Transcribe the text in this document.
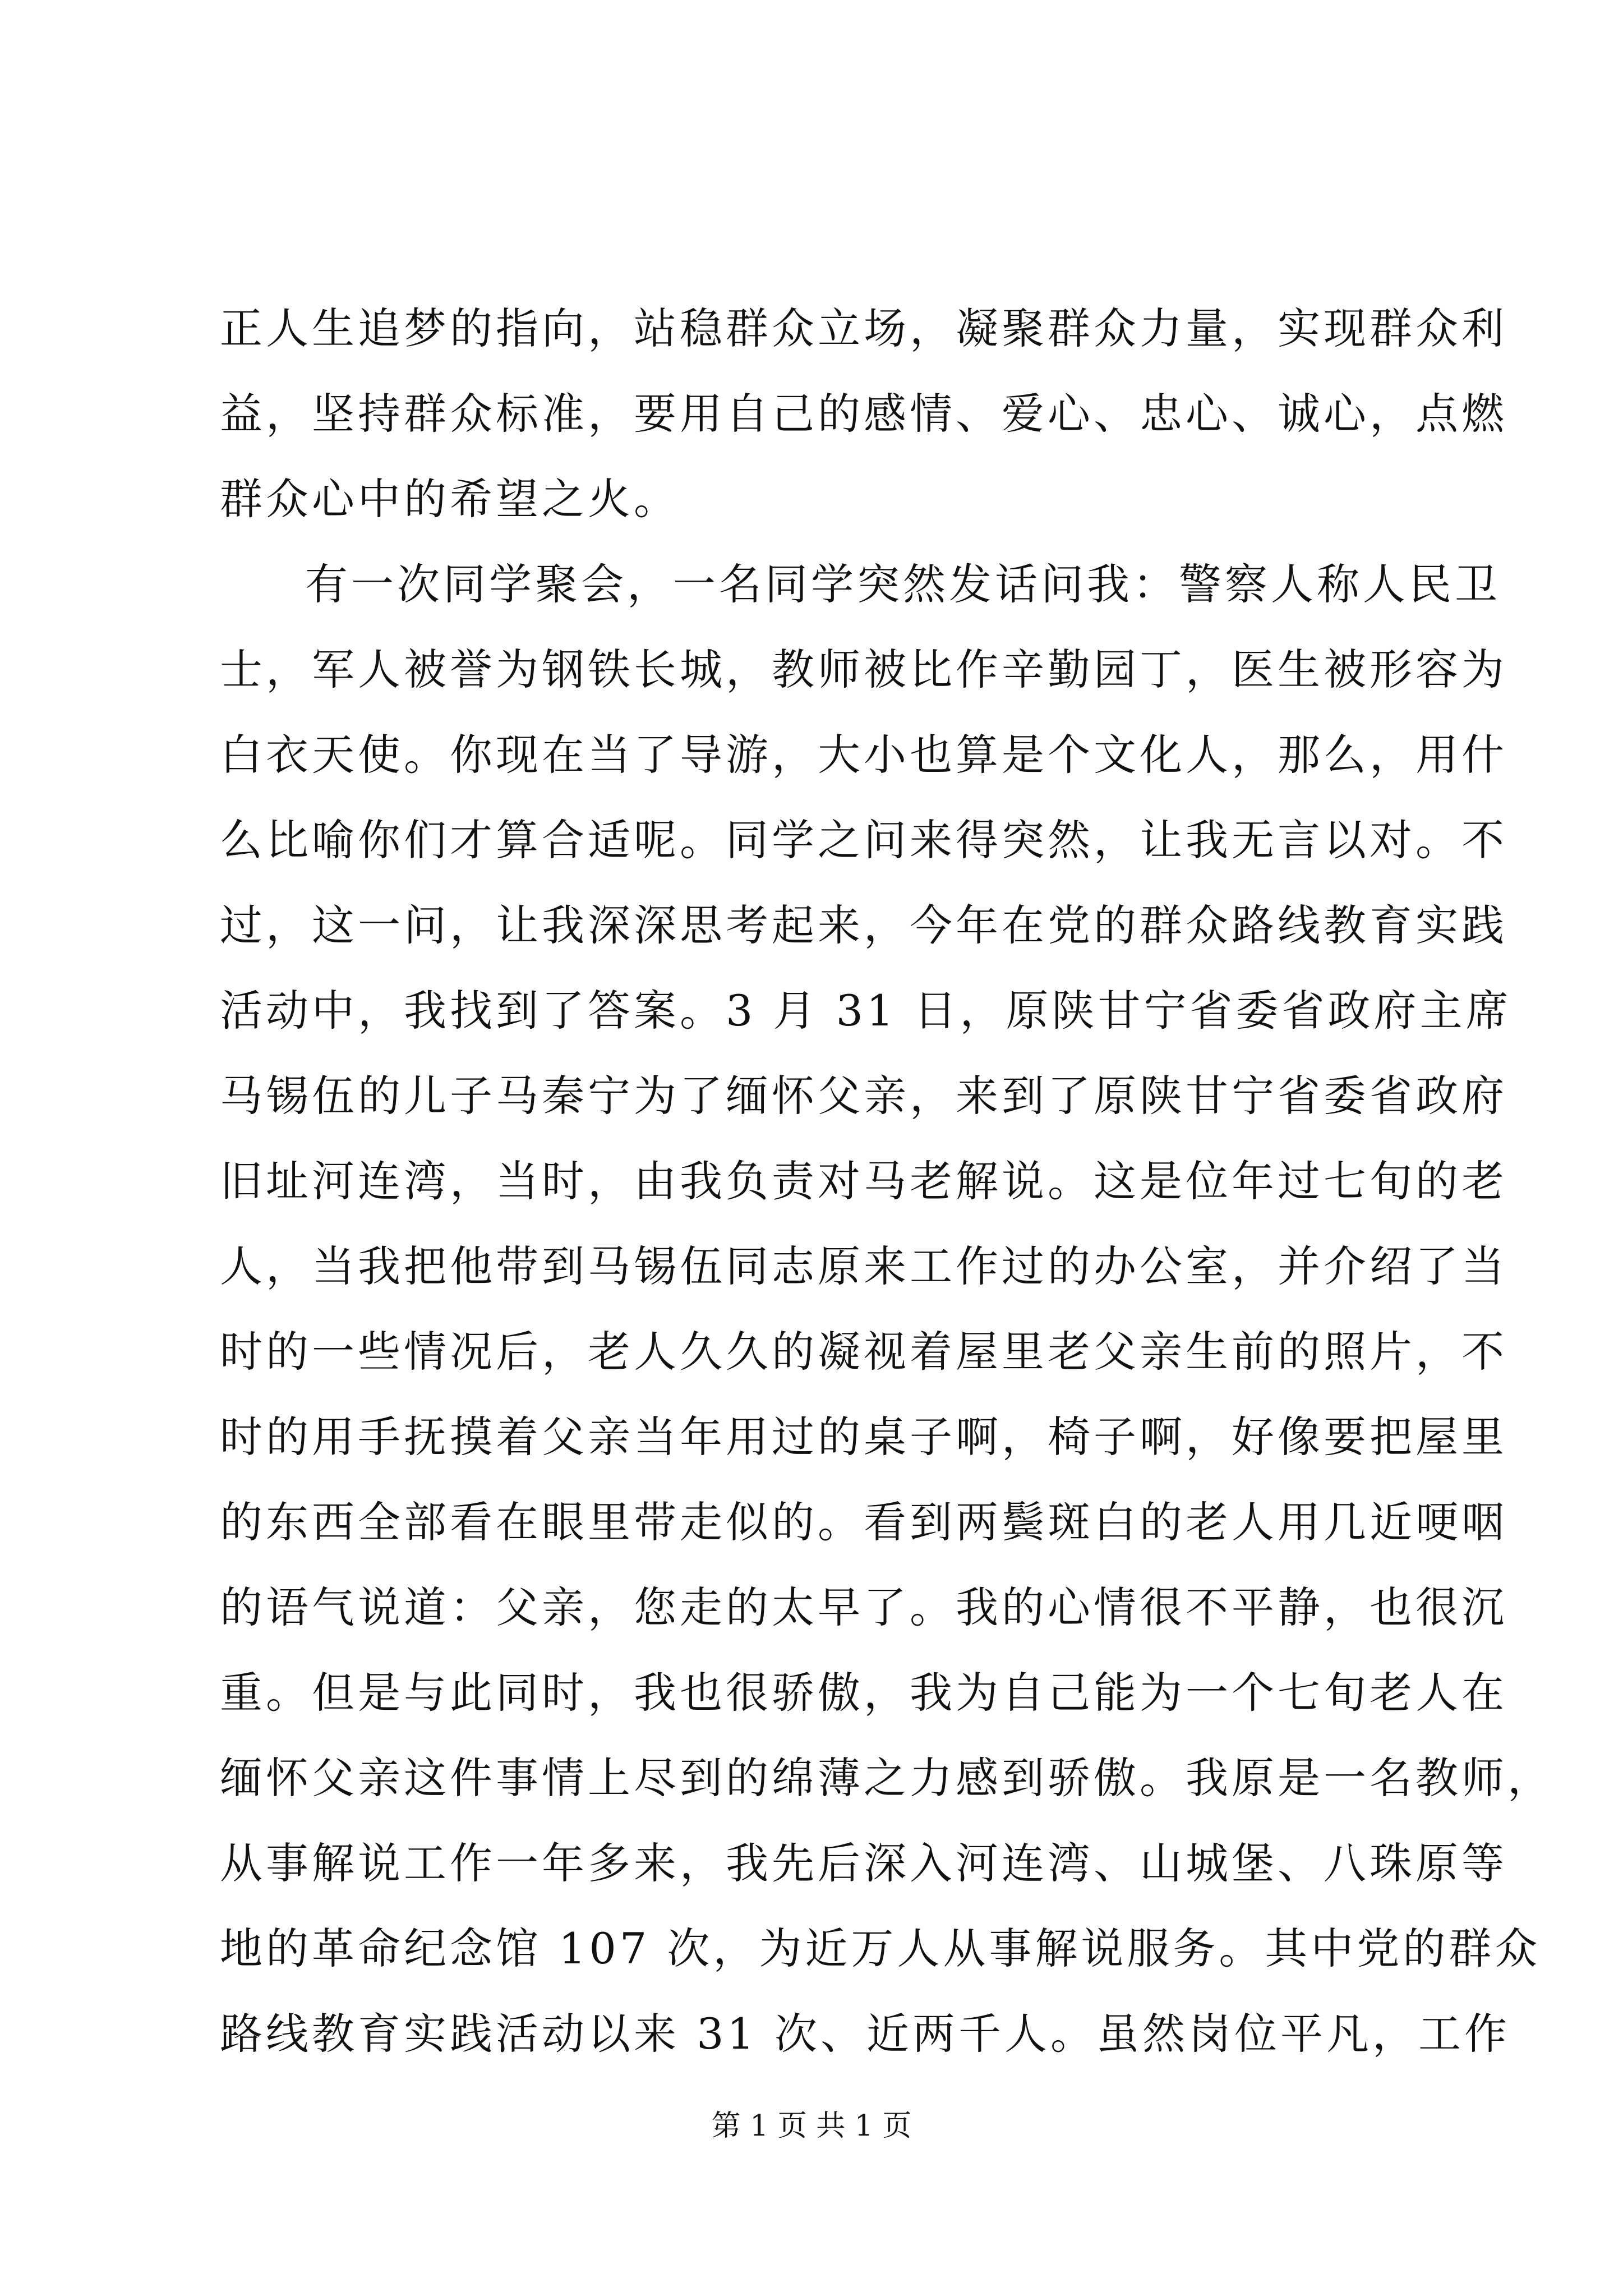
正人生追梦的指向，站稳群众立场，凝聚群众力量，实现群众利
益，坚持群众标准，要用自己的感情、爱心、忠心、诚心，点燃
群众心中的希望之火。
有一次同学聚会，一名同学突然发话问我：警察人称人民卫
士，军人被誉为钢铁长城，教师被比作辛勤园丁，医生被形容为
白衣天使。你现在当了导游，大小也算是个文化人，那么，用什
么比喻你们才算合适呢。同学之问来得突然，让我无言以对。不
过，这一问，让我深深思考起来，今年在党的群众路线教育实践
活动中，我找到了答案。3 月 31 日，原陕甘宁省委省政府主席
马锡伍的儿子马秦宁为了缅怀父亲，来到了原陕甘宁省委省政府
旧址河连湾，当时，由我负责对马老解说。这是位年过七旬的老
人，当我把他带到马锡伍同志原来工作过的办公室，并介绍了当
时的一些情况后，老人久久的凝视着屋里老父亲生前的照片，不
时的用手抚摸着父亲当年用过的桌子啊，椅子啊，好像要把屋里
的东西全部看在眼里带走似的。看到两鬓斑白的老人用几近哽咽
的语气说道：父亲，您走的太早了。我的心情很不平静，也很沉
重。但是与此同时，我也很骄傲，我为自己能为一个七旬老人在
缅怀父亲这件事情上尽到的绵薄之力感到骄傲。我原是一名教师，
从事解说工作一年多来，我先后深入河连湾、山城堡、八珠原等
地的革命纪念馆 107 次，为近万人从事解说服务。其中党的群众
路线教育实践活动以来 31 次、近两千人。虽然岗位平凡，工作
第 1 页 共 1 页
